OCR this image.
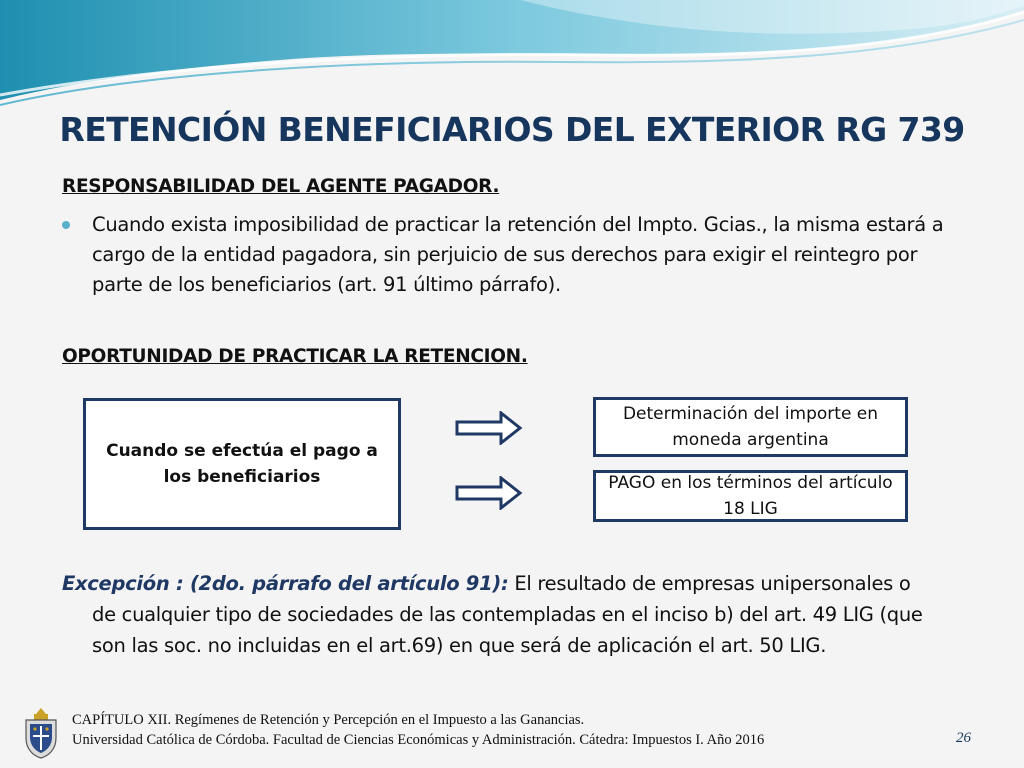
RETENCIÓN BENEFICIARIOS DEL EXTERIOR RG 739
RESPONSABILIDAD DEL AGENTE PAGADOR.
Cuando exista imposibilidad de practicar la retención del Impto. Gcias., la misma estará a cargo de la entidad pagadora, sin perjuicio de sus derechos para exigir el reintegro por parte de los beneficiarios (art. 91 último párrafo).
OPORTUNIDAD DE PRACTICAR LA RETENCION.
Cuando se efectúa el pago a los beneficiarios
Determinación del importe en moneda argentina
PAGO en los términos del artículo 18 LIG
Excepción : (2do. párrafo del artículo 91): El resultado de empresas unipersonales o
de cualquier tipo de sociedades de las contempladas en el inciso b) del art. 49 LIG (que son las soc. no incluidas en el art.69) en que será de aplicación el art. 50 LIG.
CAPÍTULO XII. Regímenes de Retención y Percepción en el Impuesto a las Ganancias.
Universidad Católica de Córdoba. Facultad de Ciencias Económicas y Administración. Cátedra: Impuestos I. Año 2016	26
